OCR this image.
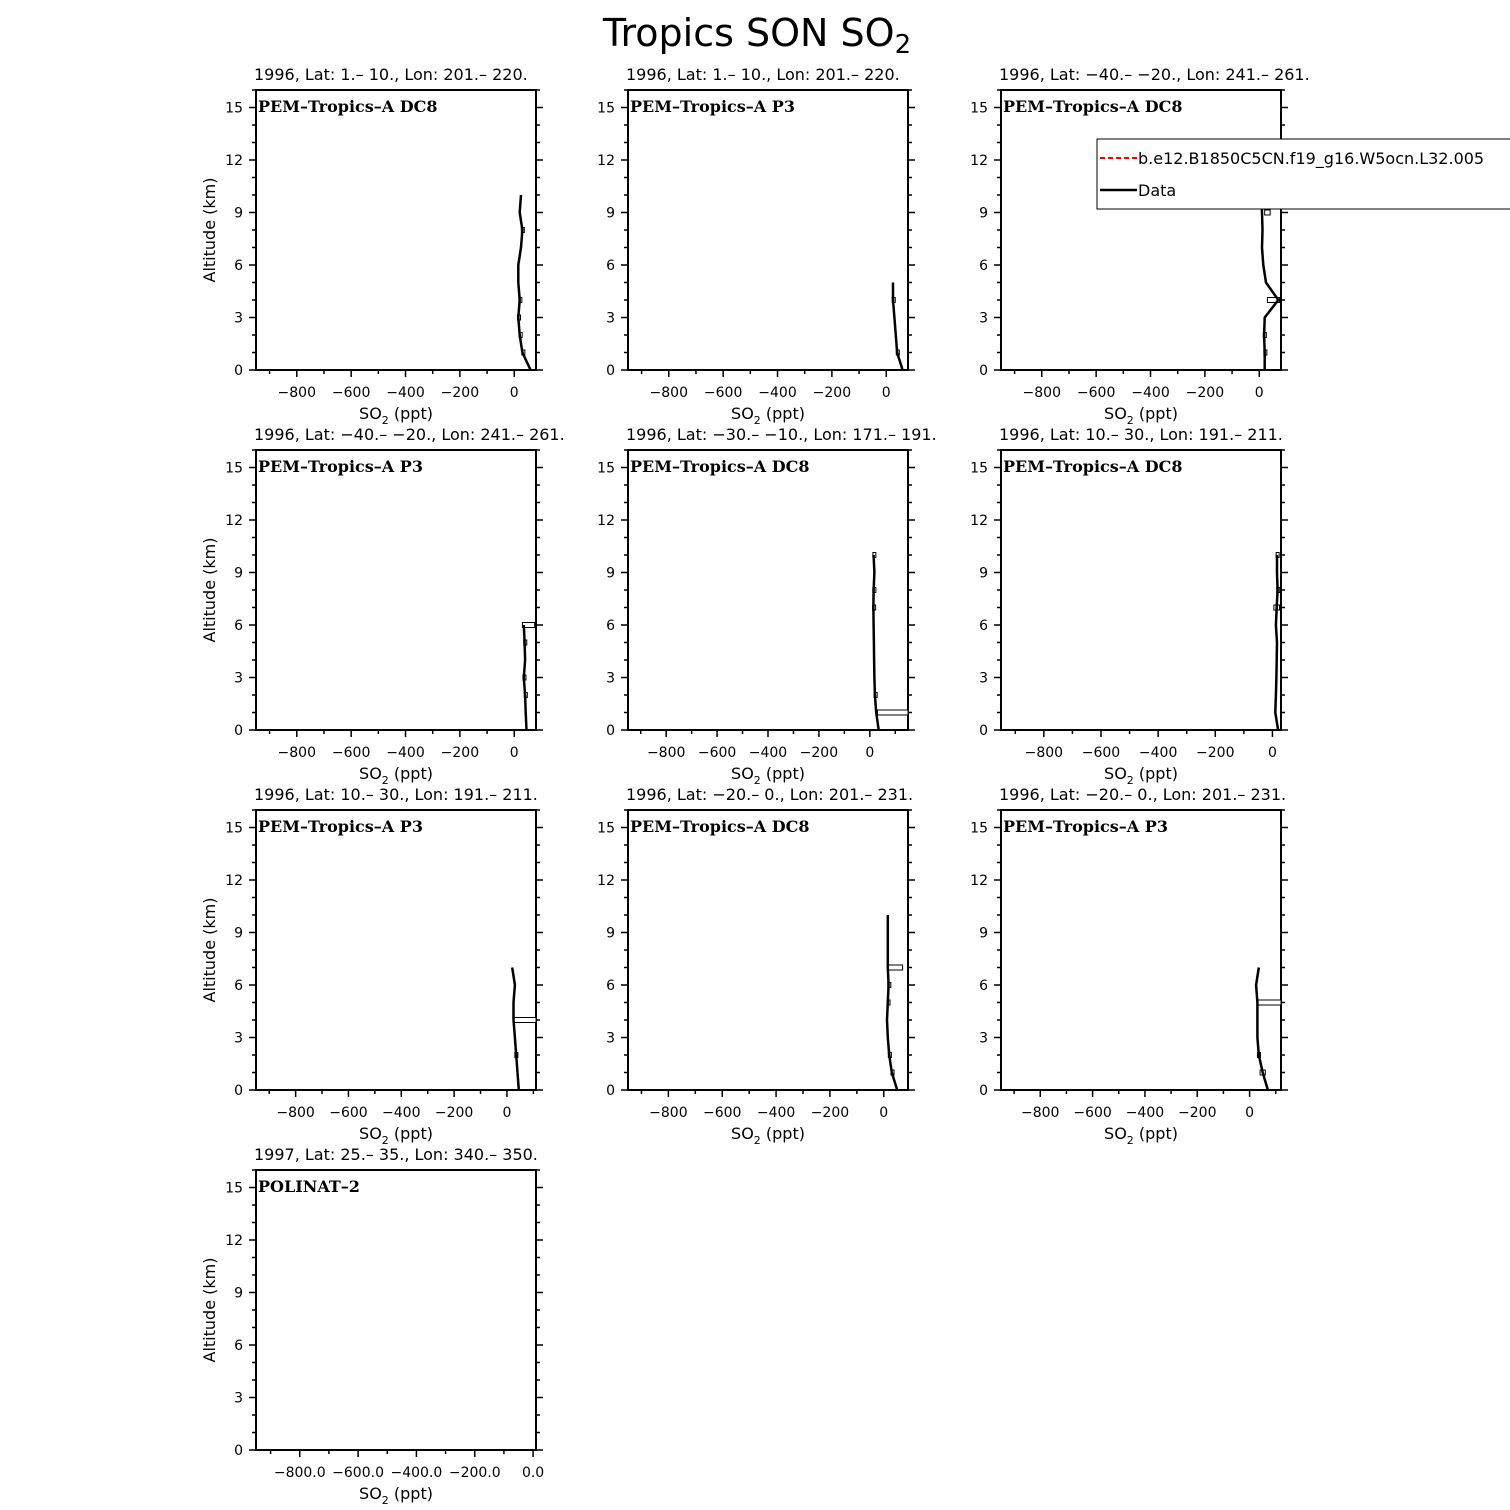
Tropics SON SO2
1996, Lat: 1.– 10., Lon: 201.– 220.
0
3
6
9
12
15
−800 −600 −400 −200 0
$SO_2$ (ppt)
Altitude (km)
PEM–Tropics–A DC8
1996, Lat: 1.– 10., Lon: 201.– 220.
0
3
6
9
12
15
−800 −600 −400 −200 0
$SO_2$ (ppt)
PEM–Tropics–A P3
1996, Lat: −40.– −20., Lon: 241.– 261.
0
3
6
9
12
15
−800 −600 −400 −200 0
$SO_2$ (ppt)
PEM–Tropics–A DC8
1996, Lat: −40.– −20., Lon: 241.– 261.
0
3
6
9
12
15
−800 −600 −400 −200 0
$SO_2$ (ppt)
Altitude (km)
PEM–Tropics–A P3
1996, Lat: −30.– −10., Lon: 171.– 191.
0
3
6
9
12
15
−800 −600 −400 −200 0
$SO_2$ (ppt)
PEM–Tropics–A DC8
1996, Lat: 10.– 30., Lon: 191.– 211.
0
3
6
9
12
15
−800 −600 −400 −200 0
$SO_2$ (ppt)
PEM–Tropics–A DC8
1996, Lat: 10.– 30., Lon: 191.– 211.
0
3
6
9
12
15
−800 −600 −400 −200 0
$SO_2$ (ppt)
Altitude (km)
PEM–Tropics–A P3
1996, Lat: −20.– 0., Lon: 201.– 231.
0
3
6
9
12
15
−800 −600 −400 −200 0
$SO_2$ (ppt)
PEM–Tropics–A DC8
1996, Lat: −20.– 0., Lon: 201.– 231.
0
3
6
9
12
15
−800 −600 −400 −200 0
$SO_2$ (ppt)
PEM–Tropics–A P3
1997, Lat: 25.– 35., Lon: 340.– 350.
0
3
6
9
12
15
−800.0 −600.0 −400.0 −200.0 0.0
$SO_2$ (ppt)
Altitude (km)
POLINAT–2
b.e12.B1850C5CN.f19_g16.W5ocn.L32.005
Data
